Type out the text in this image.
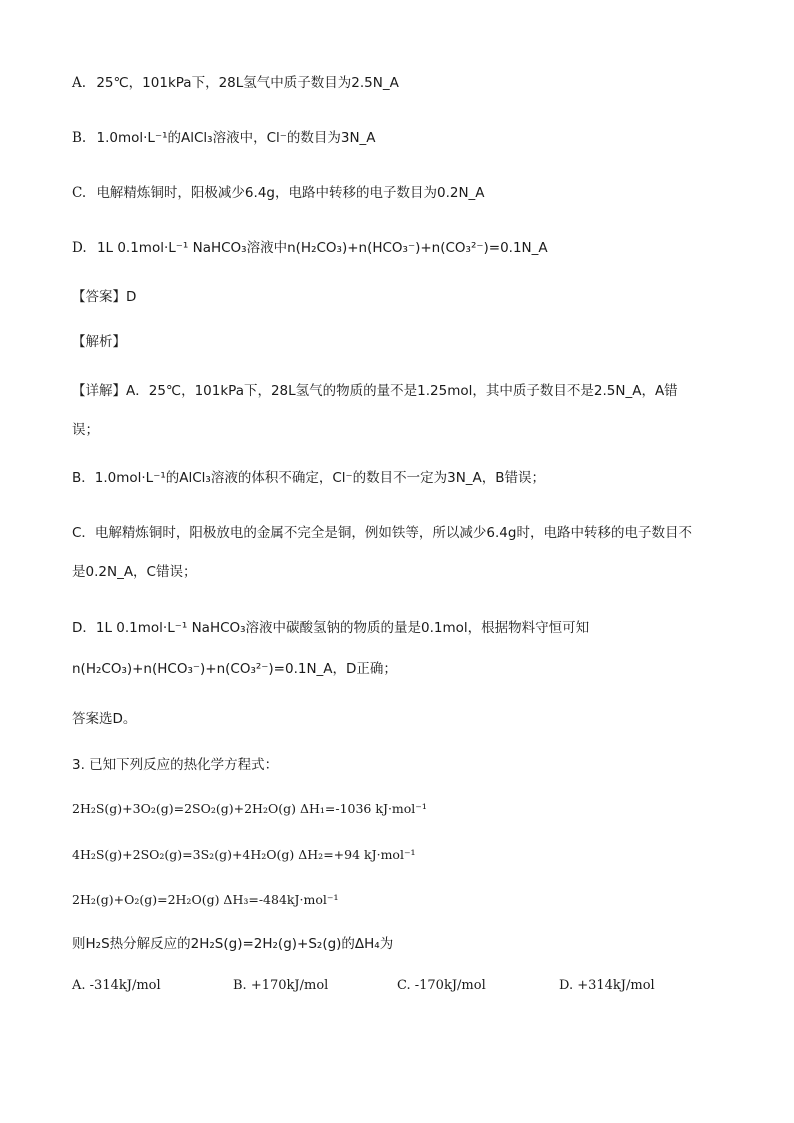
A. 25℃，101kPa下，28L氢气中质子数目为2.5N_A
B. 1.0mol·L⁻¹的AlCl₃溶液中，Cl⁻的数目为3N_A
C. 电解精炼铜时，阳极减少6.4g，电路中转移的电子数目为0.2N_A
D. 1L 0.1mol·L⁻¹ NaHCO₃溶液中n(H₂CO₃)+n(HCO₃⁻)+n(CO₃²⁻)=0.1N_A
【答案】D
【解析】
【详解】A．25℃，101kPa下，28L氢气的物质的量不是1.25mol，其中质子数目不是2.5N_A，A错
误；
B．1.0mol·L⁻¹的AlCl₃溶液的体积不确定，Cl⁻的数目不一定为3N_A，B错误；
C．电解精炼铜时，阳极放电的金属不完全是铜，例如铁等，所以减少6.4g时，电路中转移的电子数目不
是0.2N_A，C错误；
D．1L 0.1mol·L⁻¹ NaHCO₃溶液中碳酸氢钠的物质的量是0.1mol，根据物料守恒可知
n(H₂CO₃)+n(HCO₃⁻)+n(CO₃²⁻)=0.1N_A，D正确；
答案选D。
3. 已知下列反应的热化学方程式：
2H₂S(g)+3O₂(g)=2SO₂(g)+2H₂O(g) ΔH₁=-1036 kJ·mol⁻¹
4H₂S(g)+2SO₂(g)=3S₂(g)+4H₂O(g) ΔH₂=+94 kJ·mol⁻¹
2H₂(g)+O₂(g)=2H₂O(g) ΔH₃=-484kJ·mol⁻¹
则H₂S热分解反应的2H₂S(g)=2H₂(g)+S₂(g)的ΔH₄为
A. -314kJ/mol	B. +170kJ/mol	C. -170kJ/mol	D. +314kJ/mol
